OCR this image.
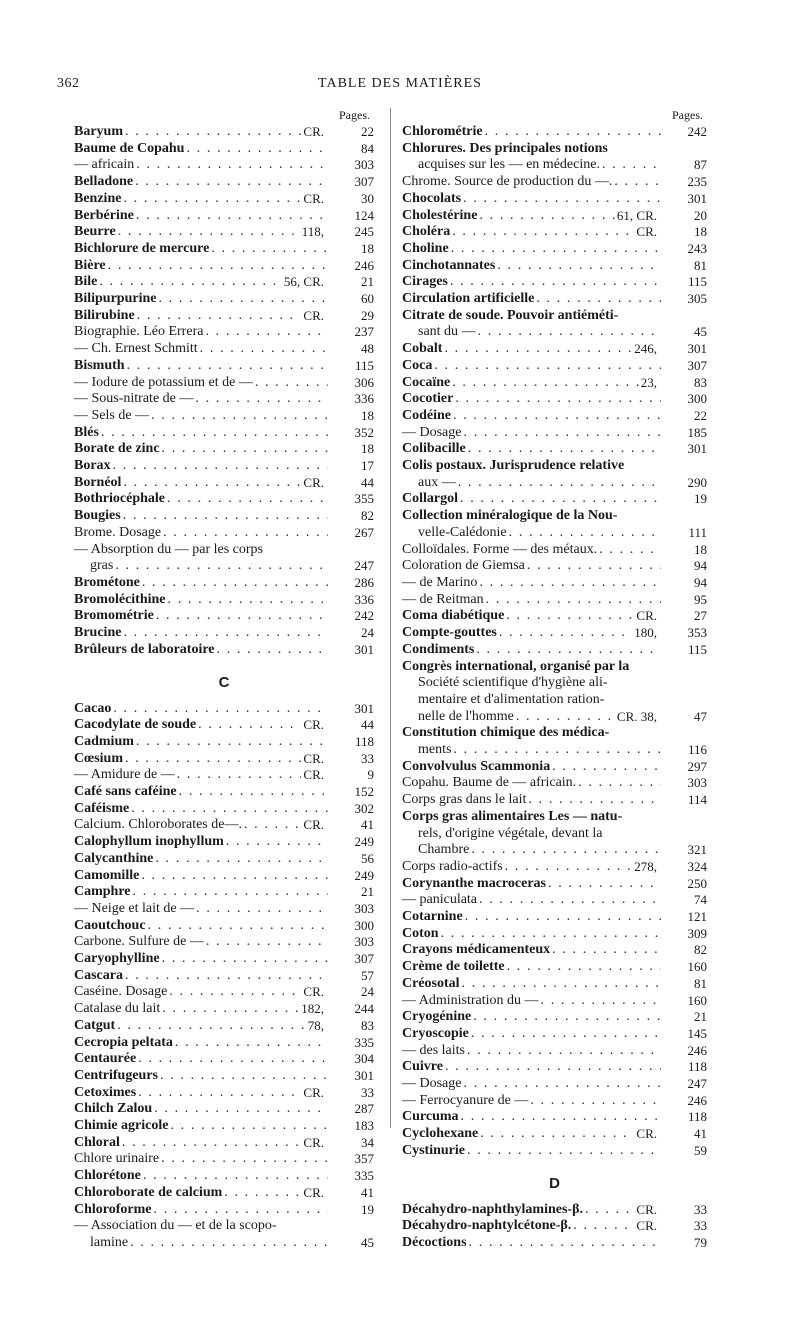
362	TABLE DES MATIÈRES
Pages.
Baryum . . .	CR.	22
Baume de Copahu . . .	84
— africain . . .	303
Belladone . . .	307
Benzine . . .	CR.	30
Berbérine . . .	124
Beurre . . .	118,	245
Bichlorure de mercure . . .	18
Bière . . .	246
Bile . . .	56, CR.	21
Bilipurpurine . . .	60
Bilirubine . . .	CR.	29
Biographie. Léo Errera . . .	237
— Ch. Ernest Schmitt . . .	48
Bismuth . . .	115
— Iodure de potassium et de — . . .	306
— Sous-nitrate de — . . .	336
— Sels de — . . .	18
Blés . . .	352
Borate de zinc . . .	18
Borax . . .	17
Bornéol . . .	CR.	44
Bothriocéphale . . .	355
Bougies . . .	82
Brome. Dosage . . .	267
— Absorption du — par les corps
gras . . .	247
Brométone . . .	286
Bromolécithine . . .	336
Bromométrie . . .	242
Brucine . . .	24
Brûleurs de laboratoire . . .	301
C
Cacao . . .	301
Cacodylate de soude . . .	CR.	44
Cadmium . . .	118
Cœsium . . .	CR.	33
— Amidure de — . . .	CR.	9
Café sans caféine . . .	152
Caféisme . . .	302
Calcium. Chloroborates de—. . . .	CR.	41
Calophyllum inophyllum . . .	249
Calycanthine . . .	56
Camomille . . .	249
Camphre . . .	21
— Neige et lait de — . . .	303
Caoutchouc . . .	300
Carbone. Sulfure de — . . .	303
Caryophylline . . .	307
Cascara . . .	57
Caséine. Dosage . . .	CR.	24
Catalase du lait . . .	182,	244
Catgut . . .	78,	83
Cecropia peltata . . .	335
Centaurée . . .	304
Centrifugeurs . . .	301
Cetoximes . . .	CR.	33
Chilch Zalou . . .	287
Chimie agricole . . .	183
Chloral . . .	CR.	34
Chlore urinaire . . .	357
Chlorétone . . .	335
Chloroborate de calcium . . .	CR.	41
Chloroforme . . .	19
— Association du — et de la scopo-
lamine . . .	45
Pages.
Chlorométrie . . .	242
Chlorures. Des principales notions
acquises sur les — en médecine. . . .	87
Chrome. Source de production du —. . . .	235
Chocolats . . .	301
Cholestérine . . .	61, CR.	20
Choléra . . .	CR.	18
Choline . . .	243
Cinchotannates . . .	81
Cirages . . .	115
Circulation artificielle . . .	305
Citrate de soude. Pouvoir antiéméti-
sant du — . . .	45
Cobalt . . .	246,	301
Coca . . .	307
Cocaïne . . .	23,	83
Cocotier . . .	300
Codéine . . .	22
— Dosage . . .	185
Colibacille . . .	301
Colis postaux. Jurisprudence relative
aux — . . .	290
Collargol . . .	19
Collection minéralogique de la Nou-
velle-Calédonie . . .	111
Colloïdales. Forme — des métaux. . . .	18
Coloration de Giemsa . . .	94
— de Marino . . .	94
— de Reitman . . .	95
Coma diabétique . . .	CR.	27
Compte-gouttes . . .	180,	353
Condiments . . .	115
Congrès international, organisé par la
Société scientifique d'hygiène ali-
mentaire et d'alimentation ration-
nelle de l'homme . . .	CR. 38,	47
Constitution chimique des médica-
ments . . .	116
Convolvulus Scammonia . . .	297
Copahu. Baume de — africain. . . .	303
Corps gras dans le lait . . .	114
Corps gras alimentaires Les — natu-
rels, d'origine végétale, devant la
Chambre . . .	321
Corps radio-actifs . . .	278,	324
Corynanthe macroceras . . .	250
— paniculata . . .	74
Cotarnine . . .	121
Coton . . .	309
Crayons médicamenteux . . .	82
Crème de toilette . . .	160
Créosotal . . .	81
— Administration du — . . .	160
Cryogénine . . .	21
Cryoscopie . . .	145
— des laits . . .	246
Cuivre . . .	118
— Dosage . . .	247
— Ferrocyanure de — . . .	246
Curcuma . . .	118
Cyclohexane . . .	CR.	41
Cystinurie . . .	59
D
Décahydro-naphthylamines-β. . . .	CR.	33
Décahydro-naphtylcétone-β. . . .	CR.	33
Décoctions . . .	79
